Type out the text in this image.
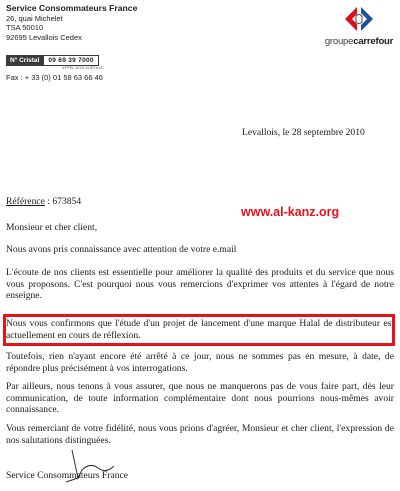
Service Consommateurs France
26, quai Michelet
TSA 50010
92695 Levallois Cedex
N° Cristal	09 69 39 7000
APPEL NON SURTAXE
Fax : + 33 (0) 01 58 63 66 46
groupecarrefour
Levallois, le 28 septembre 2010
Référence : 673854
www.al-kanz.org
Monsieur et cher client,
Nous avons pris connaissance avec attention de votre e.mail
L'écoute de nos clients est essentielle pour améliorer la qualité des produits et du service que nous vous proposons. C'est pourquoi nous vous remercions d'exprimer vos attentes à l'égard de notre enseigne.
Nous vous confirmons que l'étude d'un projet de lancement d'une marque Halal de distributeur est actuellement en cours de réflexion.
Toutefois, rien n'ayant encore été arrêté à ce jour, nous ne sommes pas en mesure, à date, de répondre plus précisément à vos interrogations.
Par ailleurs, nous tenons à vous assurer, que nous ne manquerons pas de vous faire part, dès leur communication, de toute information complémentaire dont nous pourrions nous-mêmes avoir connaissance.
Vous remerciant de votre fidélité, nous vous prions d'agréer, Monsieur et cher client, l'expression de nos salutations distinguées.
Service Consommateurs France
